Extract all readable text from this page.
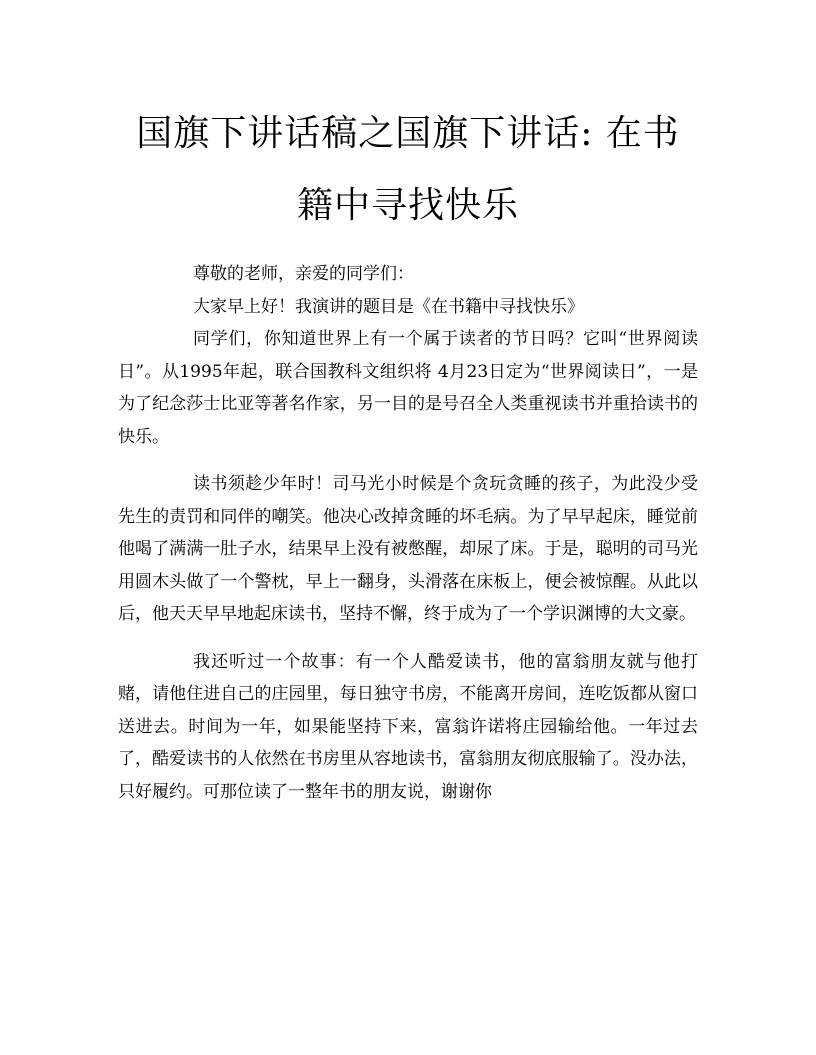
国旗下讲话稿之国旗下讲话: 在书籍中寻找快乐

尊敬的老师，亲爱的同学们：

大家早上好！我演讲的题目是《在书籍中寻找快乐》

同学们，你知道世界上有一个属于读者的节日吗？它叫“世界阅读日”。从1995年起，联合国教科文组织将 4月23日定为“世界阅读日”，一是为了纪念莎士比亚等著名作家，另一目的是号召全人类重视读书并重拾读书的快乐。

读书须趁少年时！司马光小时候是个贪玩贪睡的孩子，为此没少受先生的责罚和同伴的嘲笑。他决心改掉贪睡的坏毛病。为了早早起床，睡觉前他喝了满满一肚子水，结果早上没有被憋醒，却尿了床。于是，聪明的司马光用圆木头做了一个警枕，早上一翻身，头滑落在床板上，便会被惊醒。从此以后，他天天早早地起床读书，坚持不懈，终于成为了一个学识渊博的大文豪。

我还听过一个故事：有一个人酷爱读书，他的富翁朋友就与他打赌，请他住进自己的庄园里，每日独守书房，不能离开房间，连吃饭都从窗口送进去。时间为一年，如果能坚持下来，富翁许诺将庄园输给他。一年过去了，酷爱读书的人依然在书房里从容地读书，富翁朋友彻底服输了。没办法，只好履约。可那位读了一整年书的朋友说，谢谢你
